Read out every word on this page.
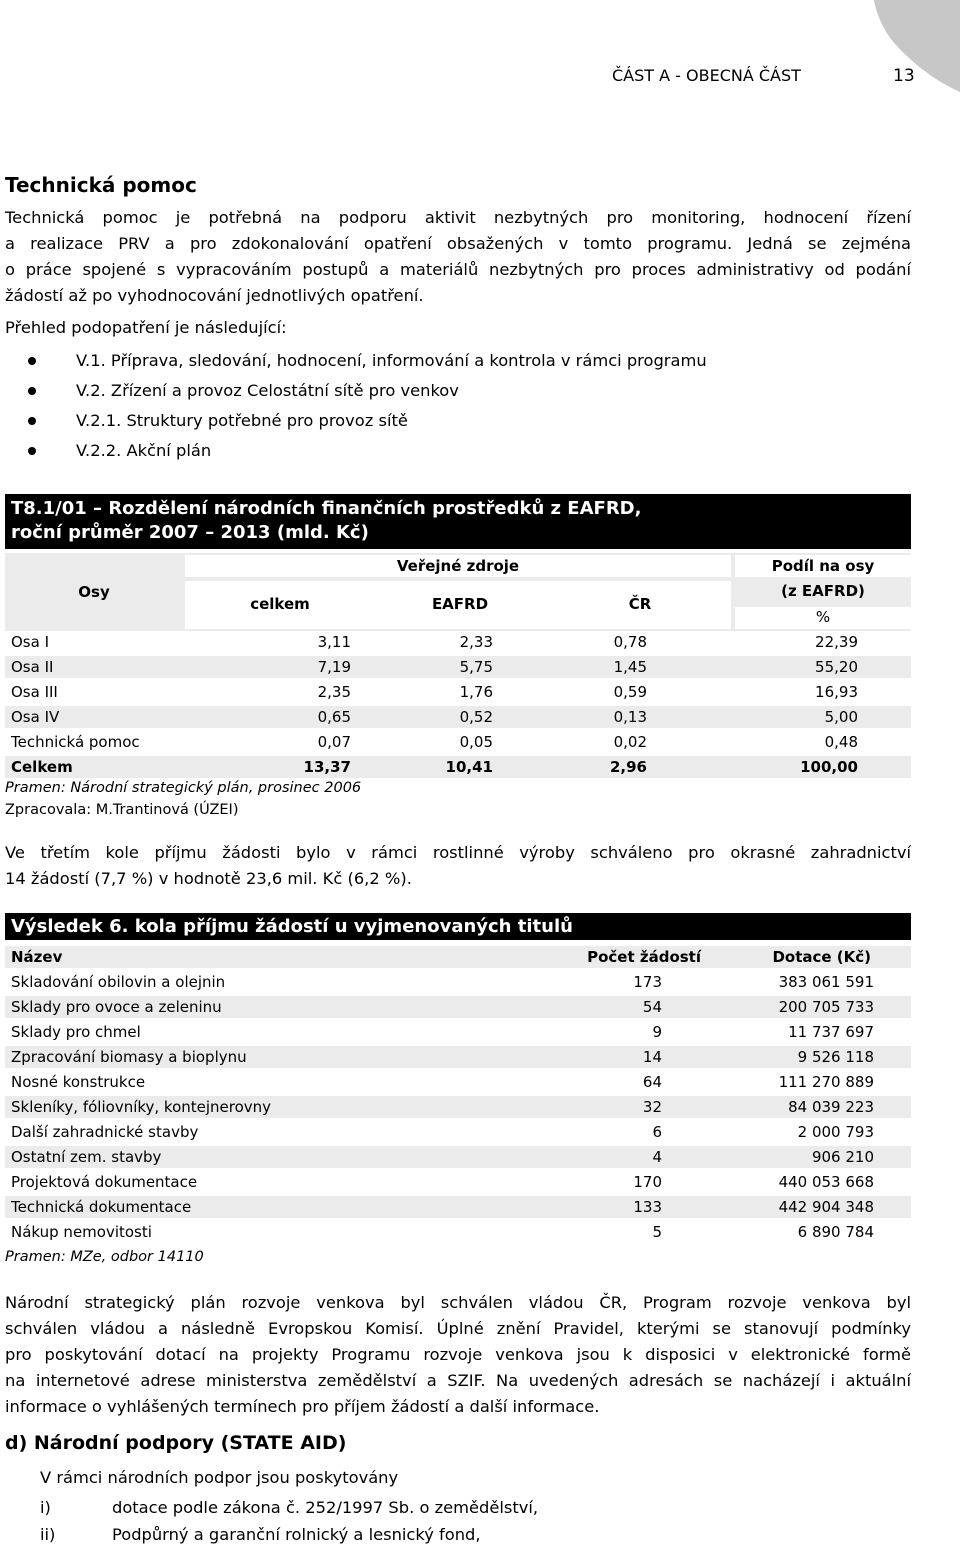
ČÁST A - OBECNÁ ČÁST	13
Technická pomoc
Technická pomoc je potřebná na podporu aktivit nezbytných pro monitoring, hodnocení řízení
a realizace PRV a pro zdokonalování opatření obsažených v tomto programu. Jedná se zejména
o práce spojené s vypracováním postupů a materiálů nezbytných pro proces administrativy od podání
žádostí až po vyhodnocování jednotlivých opatření.
Přehled podopatření je následující:
V.1. Příprava, sledování, hodnocení, informování a kontrola v rámci programu
V.2. Zřízení a provoz Celostátní sítě pro venkov
V.2.1. Struktury potřebné pro provoz sítě
V.2.2. Akční plán
T8.1/01 – Rozdělení národních finančních prostředků z EAFRD,
roční průměr 2007 – 2013 (mld. Kč)
Osy
Veřejné zdroje
celkem	EAFRD	ČR
Podíl na osy
(z EAFRD)
%
Osa I	3,11	2,33	0,78	22,39
Osa II	7,19	5,75	1,45	55,20
Osa III	2,35	1,76	0,59	16,93
Osa IV	0,65	0,52	0,13	5,00
Technická pomoc	0,07	0,05	0,02	0,48
Celkem	13,37	10,41	2,96	100,00
Pramen: Národní strategický plán, prosinec 2006
Zpracovala: M.Trantinová (ÚZEI)
Ve třetím kole příjmu žádosti bylo v rámci rostlinné výroby schváleno pro okrasné zahradnictví
14 žádostí (7,7 %) v hodnotě 23,6 mil. Kč (6,2 %).
Výsledek 6. kola příjmu žádostí u vyjmenovaných titulů
Název	Počet žádostí	Dotace (Kč)
Skladování obilovin a olejnin	173	383 061 591
Sklady pro ovoce a zeleninu	54	200 705 733
Sklady pro chmel	9	11 737 697
Zpracování biomasy a bioplynu	14	9 526 118
Nosné konstrukce	64	111 270 889
Skleníky, fóliovníky, kontejnerovny	32	84 039 223
Další zahradnické stavby	6	2 000 793
Ostatní zem. stavby	4	906 210
Projektová dokumentace	170	440 053 668
Technická dokumentace	133	442 904 348
Nákup nemovitosti	5	6 890 784
Pramen: MZe, odbor 14110
Národní strategický plán rozvoje venkova byl schválen vládou ČR, Program rozvoje venkova byl
schválen vládou a následně Evropskou Komisí. Úplné znění Pravidel, kterými se stanovují podmínky
pro poskytování dotací na projekty Programu rozvoje venkova jsou k disposici v elektronické formě
na internetové adrese ministerstva zemědělství a SZIF. Na uvedených adresách se nacházejí i aktuální
informace o vyhlášených termínech pro příjem žádostí a další informace.
d) Národní podpory (STATE AID)
V rámci národních podpor jsou poskytovány
i)	dotace podle zákona č. 252/1997 Sb. o zemědělství,
ii)	Podpůrný a garanční rolnický a lesnický fond,
